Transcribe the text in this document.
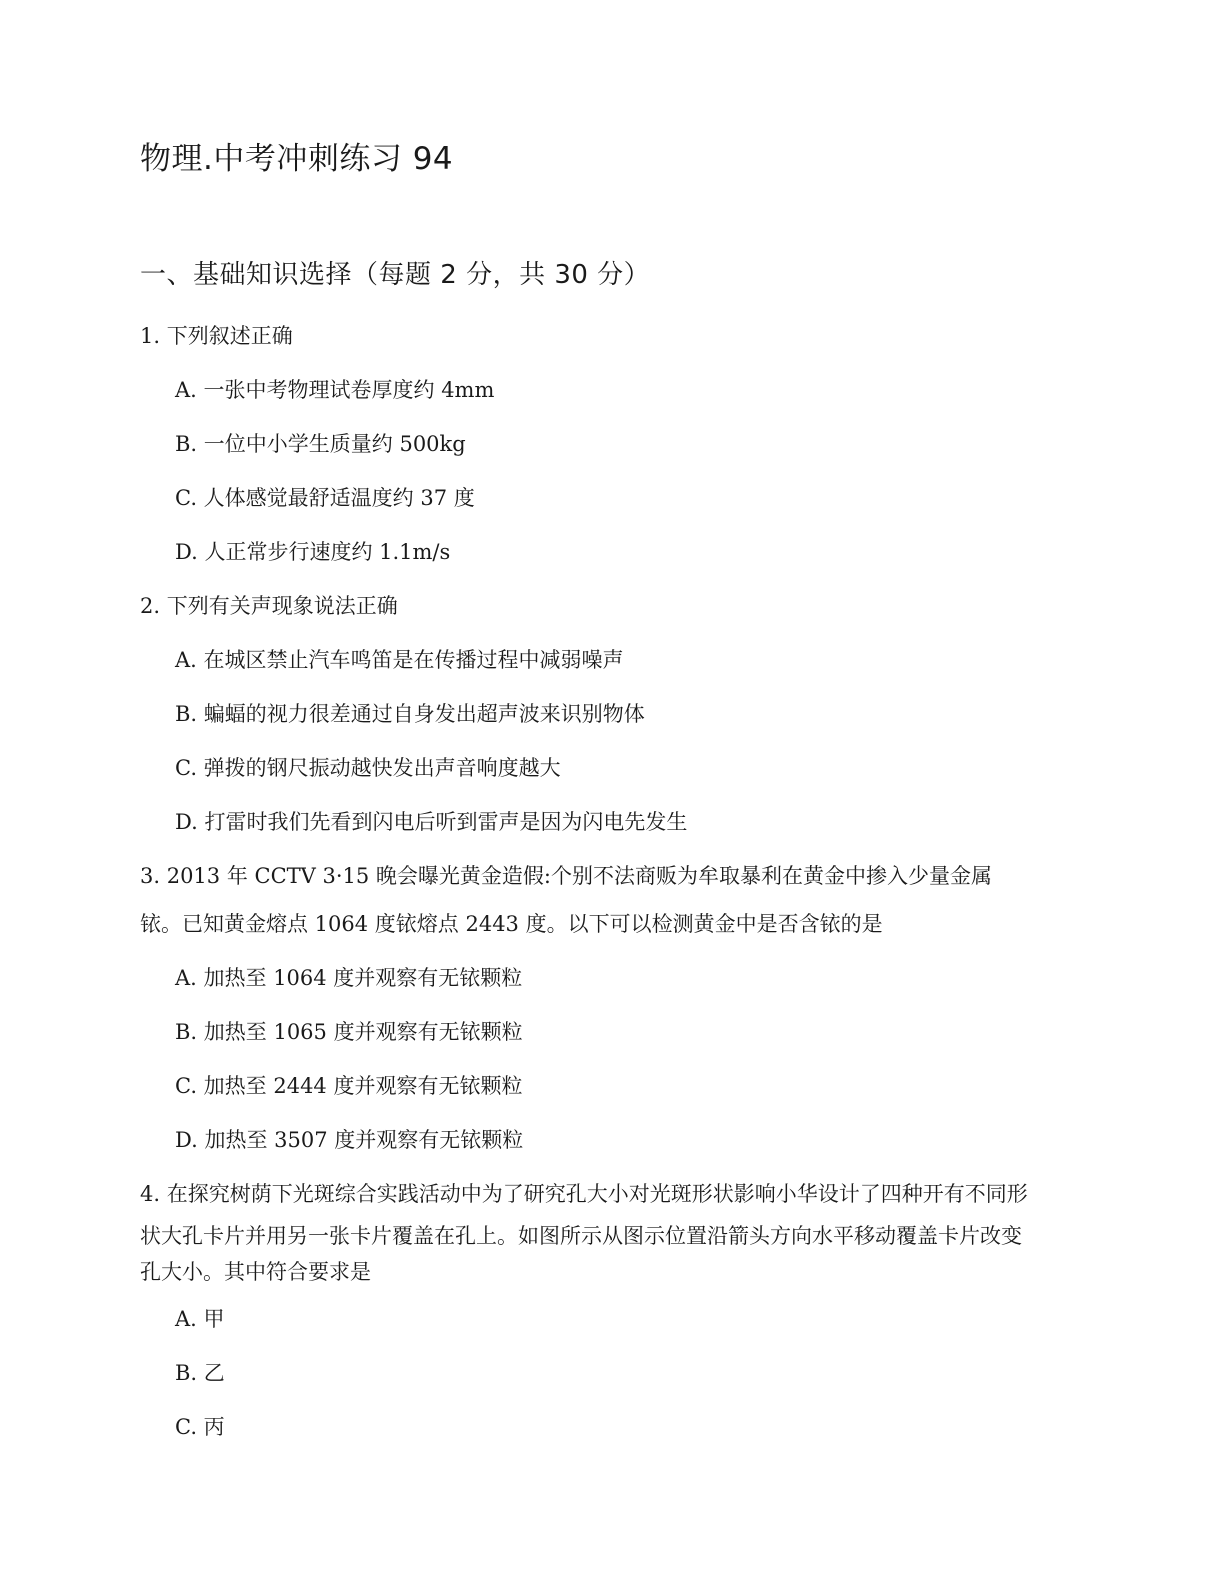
物理.中考冲刺练习 94
一、基础知识选择（每题 2 分，共 30 分）
1. 下列叙述正确
A. 一张中考物理试卷厚度约 4mm
B. 一位中小学生质量约 500kg
C. 人体感觉最舒适温度约 37 度
D. 人正常步行速度约 1.1m/s
2. 下列有关声现象说法正确
A. 在城区禁止汽车鸣笛是在传播过程中减弱噪声
B. 蝙蝠的视力很差通过自身发出超声波来识别物体
C. 弹拨的钢尺振动越快发出声音响度越大
D. 打雷时我们先看到闪电后听到雷声是因为闪电先发生
3. 2013 年 CCTV 3·15 晚会曝光黄金造假:个别不法商贩为牟取暴利在黄金中掺入少量金属
铱。已知黄金熔点 1064 度铱熔点 2443 度。以下可以检测黄金中是否含铱的是
A. 加热至 1064 度并观察有无铱颗粒
B. 加热至 1065 度并观察有无铱颗粒
C. 加热至 2444 度并观察有无铱颗粒
D. 加热至 3507 度并观察有无铱颗粒
4. 在探究树荫下光斑综合实践活动中为了研究孔大小对光斑形状影响小华设计了四种开有不同形
状大孔卡片并用另一张卡片覆盖在孔上。如图所示从图示位置沿箭头方向水平移动覆盖卡片改变
孔大小。其中符合要求是
A. 甲
B. 乙
C. 丙
